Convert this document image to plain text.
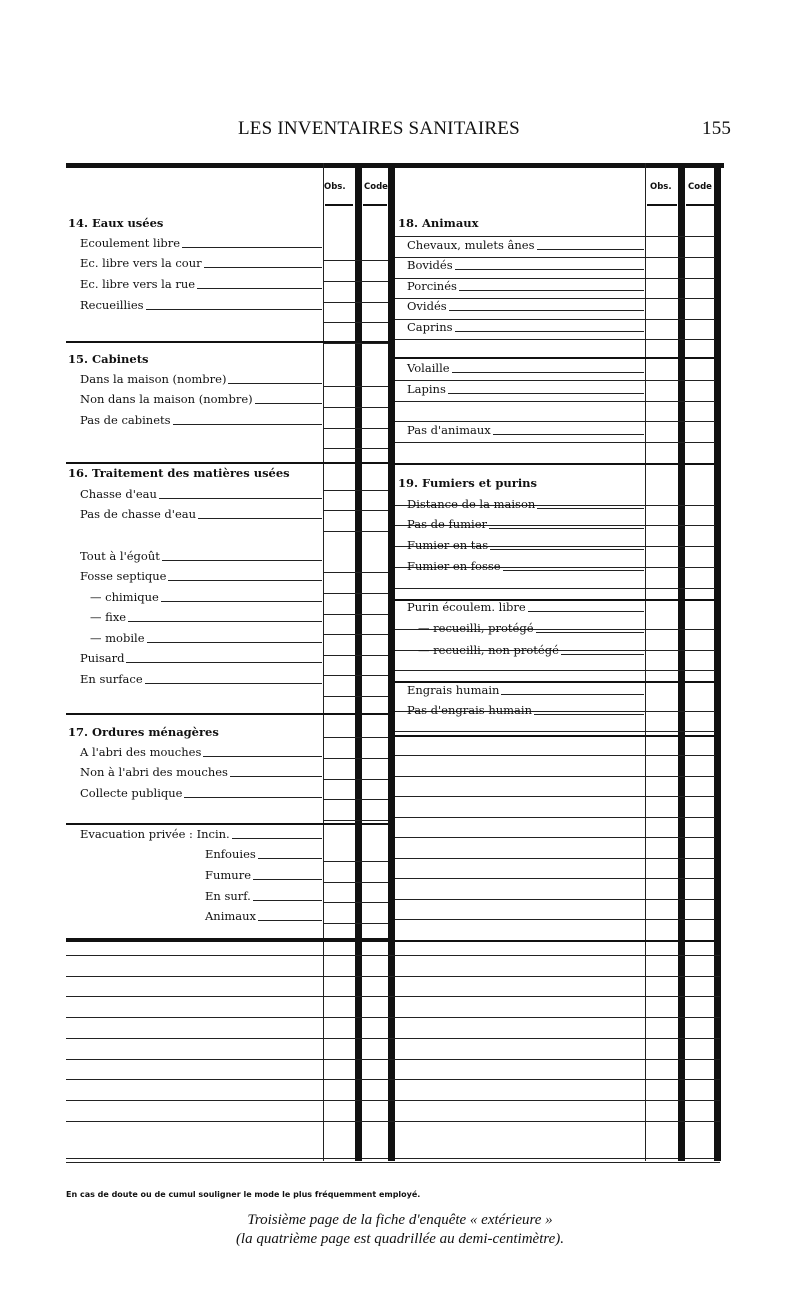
LES INVENTAIRES SANITAIRES	155
14. Eaux usées
Ecoulement libre
Ec. libre vers la cour
Ec. libre vers la rue
Recueillies
15. Cabinets
Dans la maison (nombre)
Non dans la maison (nombre)
Pas de cabinets
16. Traitement des matières usées
Chasse d'eau
Pas de chasse d'eau
Tout à l'égoût
Fosse septique
— chimique
— fixe
— mobile
Puisard
En surface
17. Ordures ménagères
A l'abri des mouches
Non à l'abri des mouches
Collecte publique
Evacuation privée : Incin.
Enfouies
Fumure
En surf.
Animaux
18. Animaux
Chevaux, mulets ânes
Bovidés
Porcinés
Ovidés
Caprins
Volaille
Lapins
Pas d'animaux
19. Fumiers et purins
Distance de la maison
Pas de fumier
Fumier en tas
Fumier en fosse
Purin écoulem. libre
— recueilli, protégé
— recueilli, non protégé
Engrais humain
Pas d'engrais humain
Obs. Code	Obs. Code
En cas de doute ou de cumul souligner le mode le plus fréquemment employé.
Troisième page de la fiche d'enquête « extérieure »
(la quatrième page est quadrillée au demi-centimètre).
